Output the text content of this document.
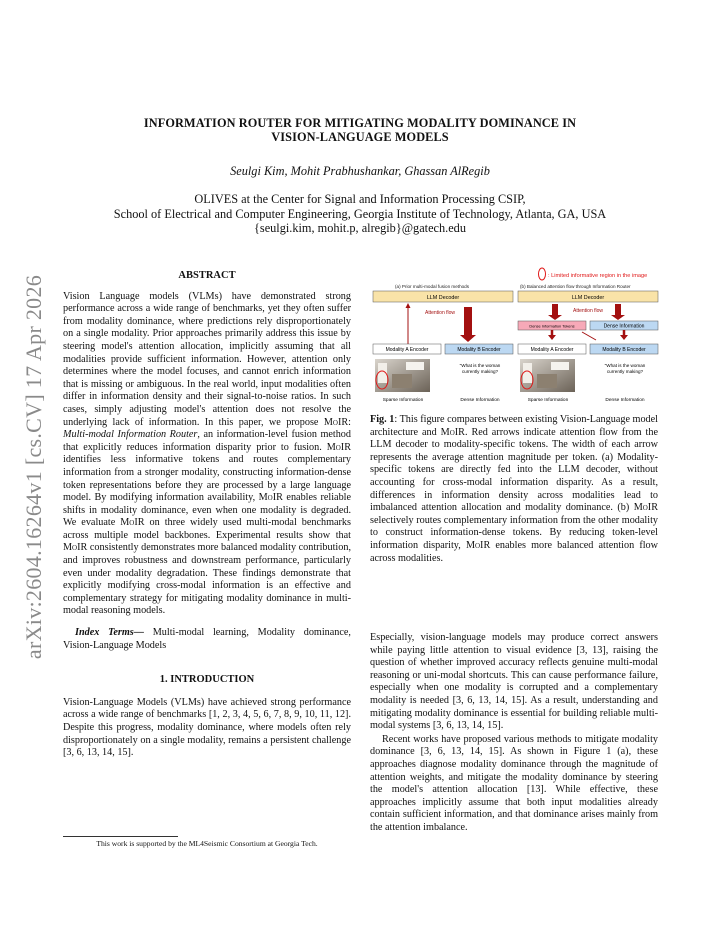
arXiv:2604.16264v1 [cs.CV] 17 Apr 2026
INFORMATION ROUTER FOR MITIGATING MODALITY DOMINANCE IN
VISION-LANGUAGE MODELS
Seulgi Kim, Mohit Prabhushankar, Ghassan AlRegib
OLIVES at the Center for Signal and Information Processing CSIP,
School of Electrical and Computer Engineering, Georgia Institute of Technology, Atlanta, GA, USA
{seulgi.kim, mohit.p, alregib}@gatech.edu

ABSTRACT

Vision Language models (VLMs) have demonstrated strong performance across a wide range of benchmarks, yet they often suffer from modality dominance, where predictions rely disproportionately on a single modality. Prior approaches primarily address this issue by steering model's attention allocation, implicitly assuming that all modalities provide sufficient information. However, attention only determines where the model focuses, and cannot enrich information that is missing or ambiguous. In the real world, input modalities often differ in information density and their signal-to-noise ratios. In such cases, simply adjusting model's attention does not resolve the underlying lack of information. In this paper, we propose MoIR: Multi-modal Information Router, an information-level fusion method that explicitly reduces information disparity prior to fusion. MoIR identifies less informative tokens and routes complementary information from a stronger modality, constructing information-dense token representations before they are processed by a large language model. By modifying information availability, MoIR enables reliable shifts in modality dominance, even when one modality is degraded. We evaluate MoIR on three widely used multi-modal benchmarks across multiple model backbones. Experimental results show that MoIR consistently demonstrates more balanced modality contribution, and improves robustness and downstream performance, particularly even under modality degradation. These findings demonstrate that explicitly modifying cross-modal information is an effective and complementary strategy for mitigating modality dominance in multi-modal reasoning models.

Index Terms— Multi-modal learning, Modality dominance, Vision-Language Models

1. INTRODUCTION

Vision-Language Models (VLMs) have achieved strong performance across a wide range of benchmarks [1, 2, 3, 4, 5, 6, 7, 8, 9, 10, 11, 12]. Despite this progress, modality dominance, where models often rely disproportionately on a single modality, remains a persistent challenge [3, 6, 13, 14, 15].

This work is supported by the ML4Seismic Consortium at Georgia Tech.
: Limited informative region in the image
(a) Prior multi-modal fusion methods
LLM Decoder
Attention flow
Modality A Encoder	Modality B Encoder
"What is the woman
currently making?
Sparse Information	Dense Information
(b) Balanced attention flow through Information Router
LLM Decoder
Attention flow
Dense Information Tokens	Dense Information
Modality A Encoder	Modality B Encoder
"What is the woman
currently making?
Sparse Information	Dense Information
Fig. 1: This figure compares between existing Vision-Language model architecture and MoIR. Red arrows indicate attention flow from the LLM decoder to modality-specific tokens. The width of each arrow represents the average attention magnitude per token. (a) Modality-specific tokens are directly fed into the LLM decoder, without accounting for cross-modal information disparity. As a result, differences in information density across modalities lead to imbalanced attention allocation and modality dominance. (b) MoIR selectively routes complementary information from the other modality to construct information-dense tokens. By reducing token-level information disparity, MoIR enables more balanced attention flow across modalities.

Especially, vision-language models may produce correct answers while paying little attention to visual evidence [3, 13], raising the question of whether improved accuracy reflects genuine multi-modal reasoning or uni-modal shortcuts. This can cause performance failure, especially when one modality is corrupted and a complementary modality is needed [3, 6, 13, 14, 15]. As a result, understanding and mitigating modality dominance is essential for building reliable multi-modal systems [3, 6, 13, 14, 15].

Recent works have proposed various methods to mitigate modality dominance [3, 6, 13, 14, 15]. As shown in Figure 1 (a), these approaches diagnose modality dominance through the magnitude of attention weights, and mitigate the modality dominance by steering the model's attention allocation [13]. While effective, these approaches implicitly assume that both input modalities already contain sufficient information, and that dominance arises mainly from the attention imbalance.
